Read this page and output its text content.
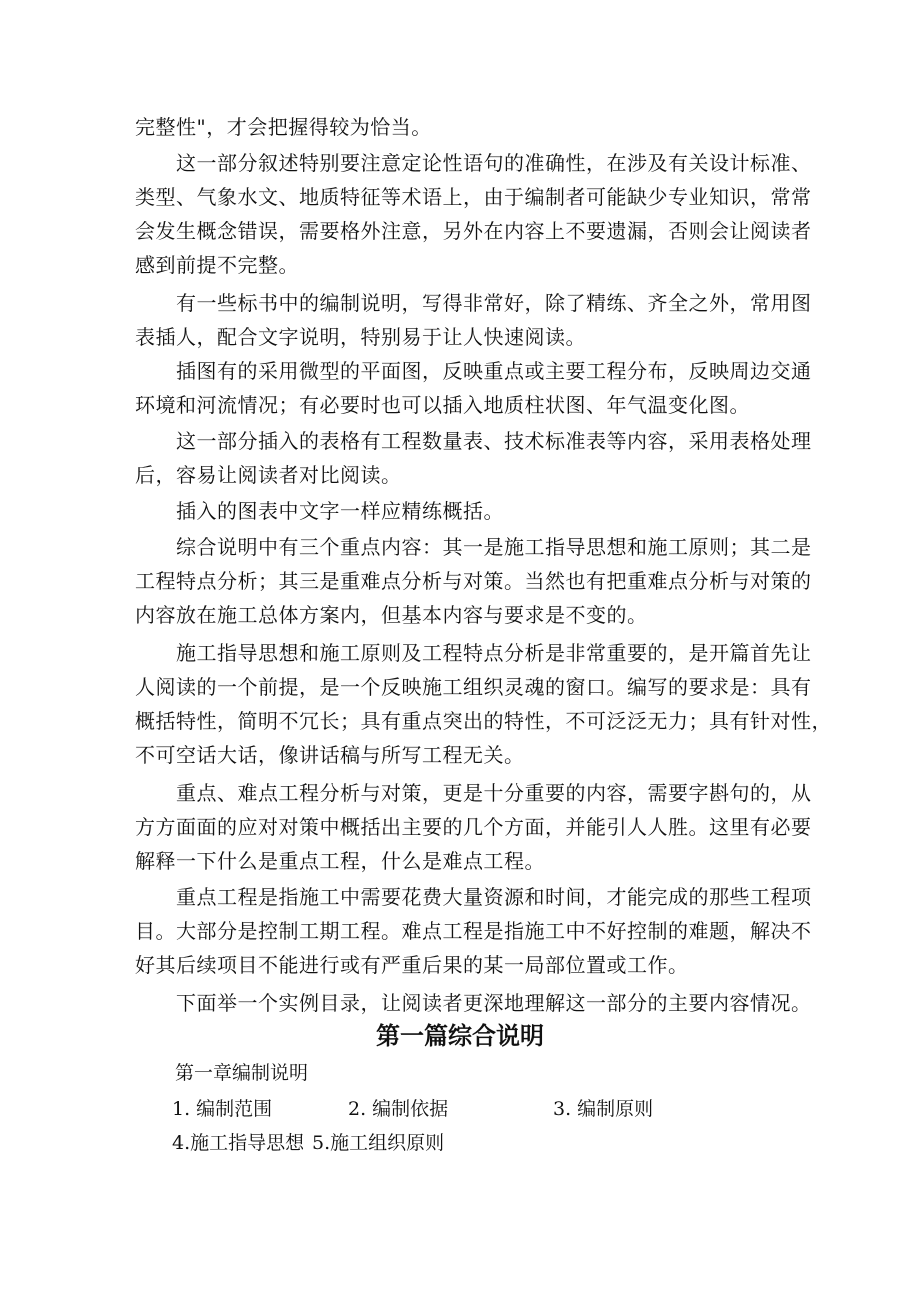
完整性"，才会把握得较为恰当。
　　这一部分叙述特别要注意定论性语句的准确性，在涉及有关设计标准、
类型、气象水文、地质特征等术语上，由于编制者可能缺少专业知识，常常
会发生概念错误，需要格外注意，另外在内容上不要遗漏，否则会让阅读者
感到前提不完整。
　　有一些标书中的编制说明，写得非常好，除了精练、齐全之外，常用图
表插人，配合文字说明，特别易于让人快速阅读。
　　插图有的采用微型的平面图，反映重点或主要工程分布，反映周边交通
环境和河流情况；有必要时也可以插入地质柱状图、年气温变化图。
　　这一部分插入的表格有工程数量表、技术标准表等内容，采用表格处理
后，容易让阅读者对比阅读。
　　插入的图表中文字一样应精练概括。
　　综合说明中有三个重点内容：其一是施工指导思想和施工原则；其二是
工程特点分析；其三是重难点分析与对策。当然也有把重难点分析与对策的
内容放在施工总体方案内，但基本内容与要求是不变的。
　　施工指导思想和施工原则及工程特点分析是非常重要的，是开篇首先让
人阅读的一个前提，是一个反映施工组织灵魂的窗口。编写的要求是：具有
概括特性，简明不冗长；具有重点突出的特性，不可泛泛无力；具有针对性，
不可空话大话，像讲话稿与所写工程无关。
　　重点、难点工程分析与对策，更是十分重要的内容，需要字斟句的，从
方方面面的应对对策中概括出主要的几个方面，并能引人人胜。这里有必要
解释一下什么是重点工程，什么是难点工程。
　　重点工程是指施工中需要花费大量资源和时间，才能完成的那些工程项
目。大部分是控制工期工程。难点工程是指施工中不好控制的难题，解决不
好其后续项目不能进行或有严重后果的某一局部位置或工作。
　　下面举一个实例目录，让阅读者更深地理解这一部分的主要内容情况。
第一篇综合说明
第一章编制说明
1. 编制范围	2. 编制依据	3. 编制原则
4.施工指导思想 5.施工组织原则
